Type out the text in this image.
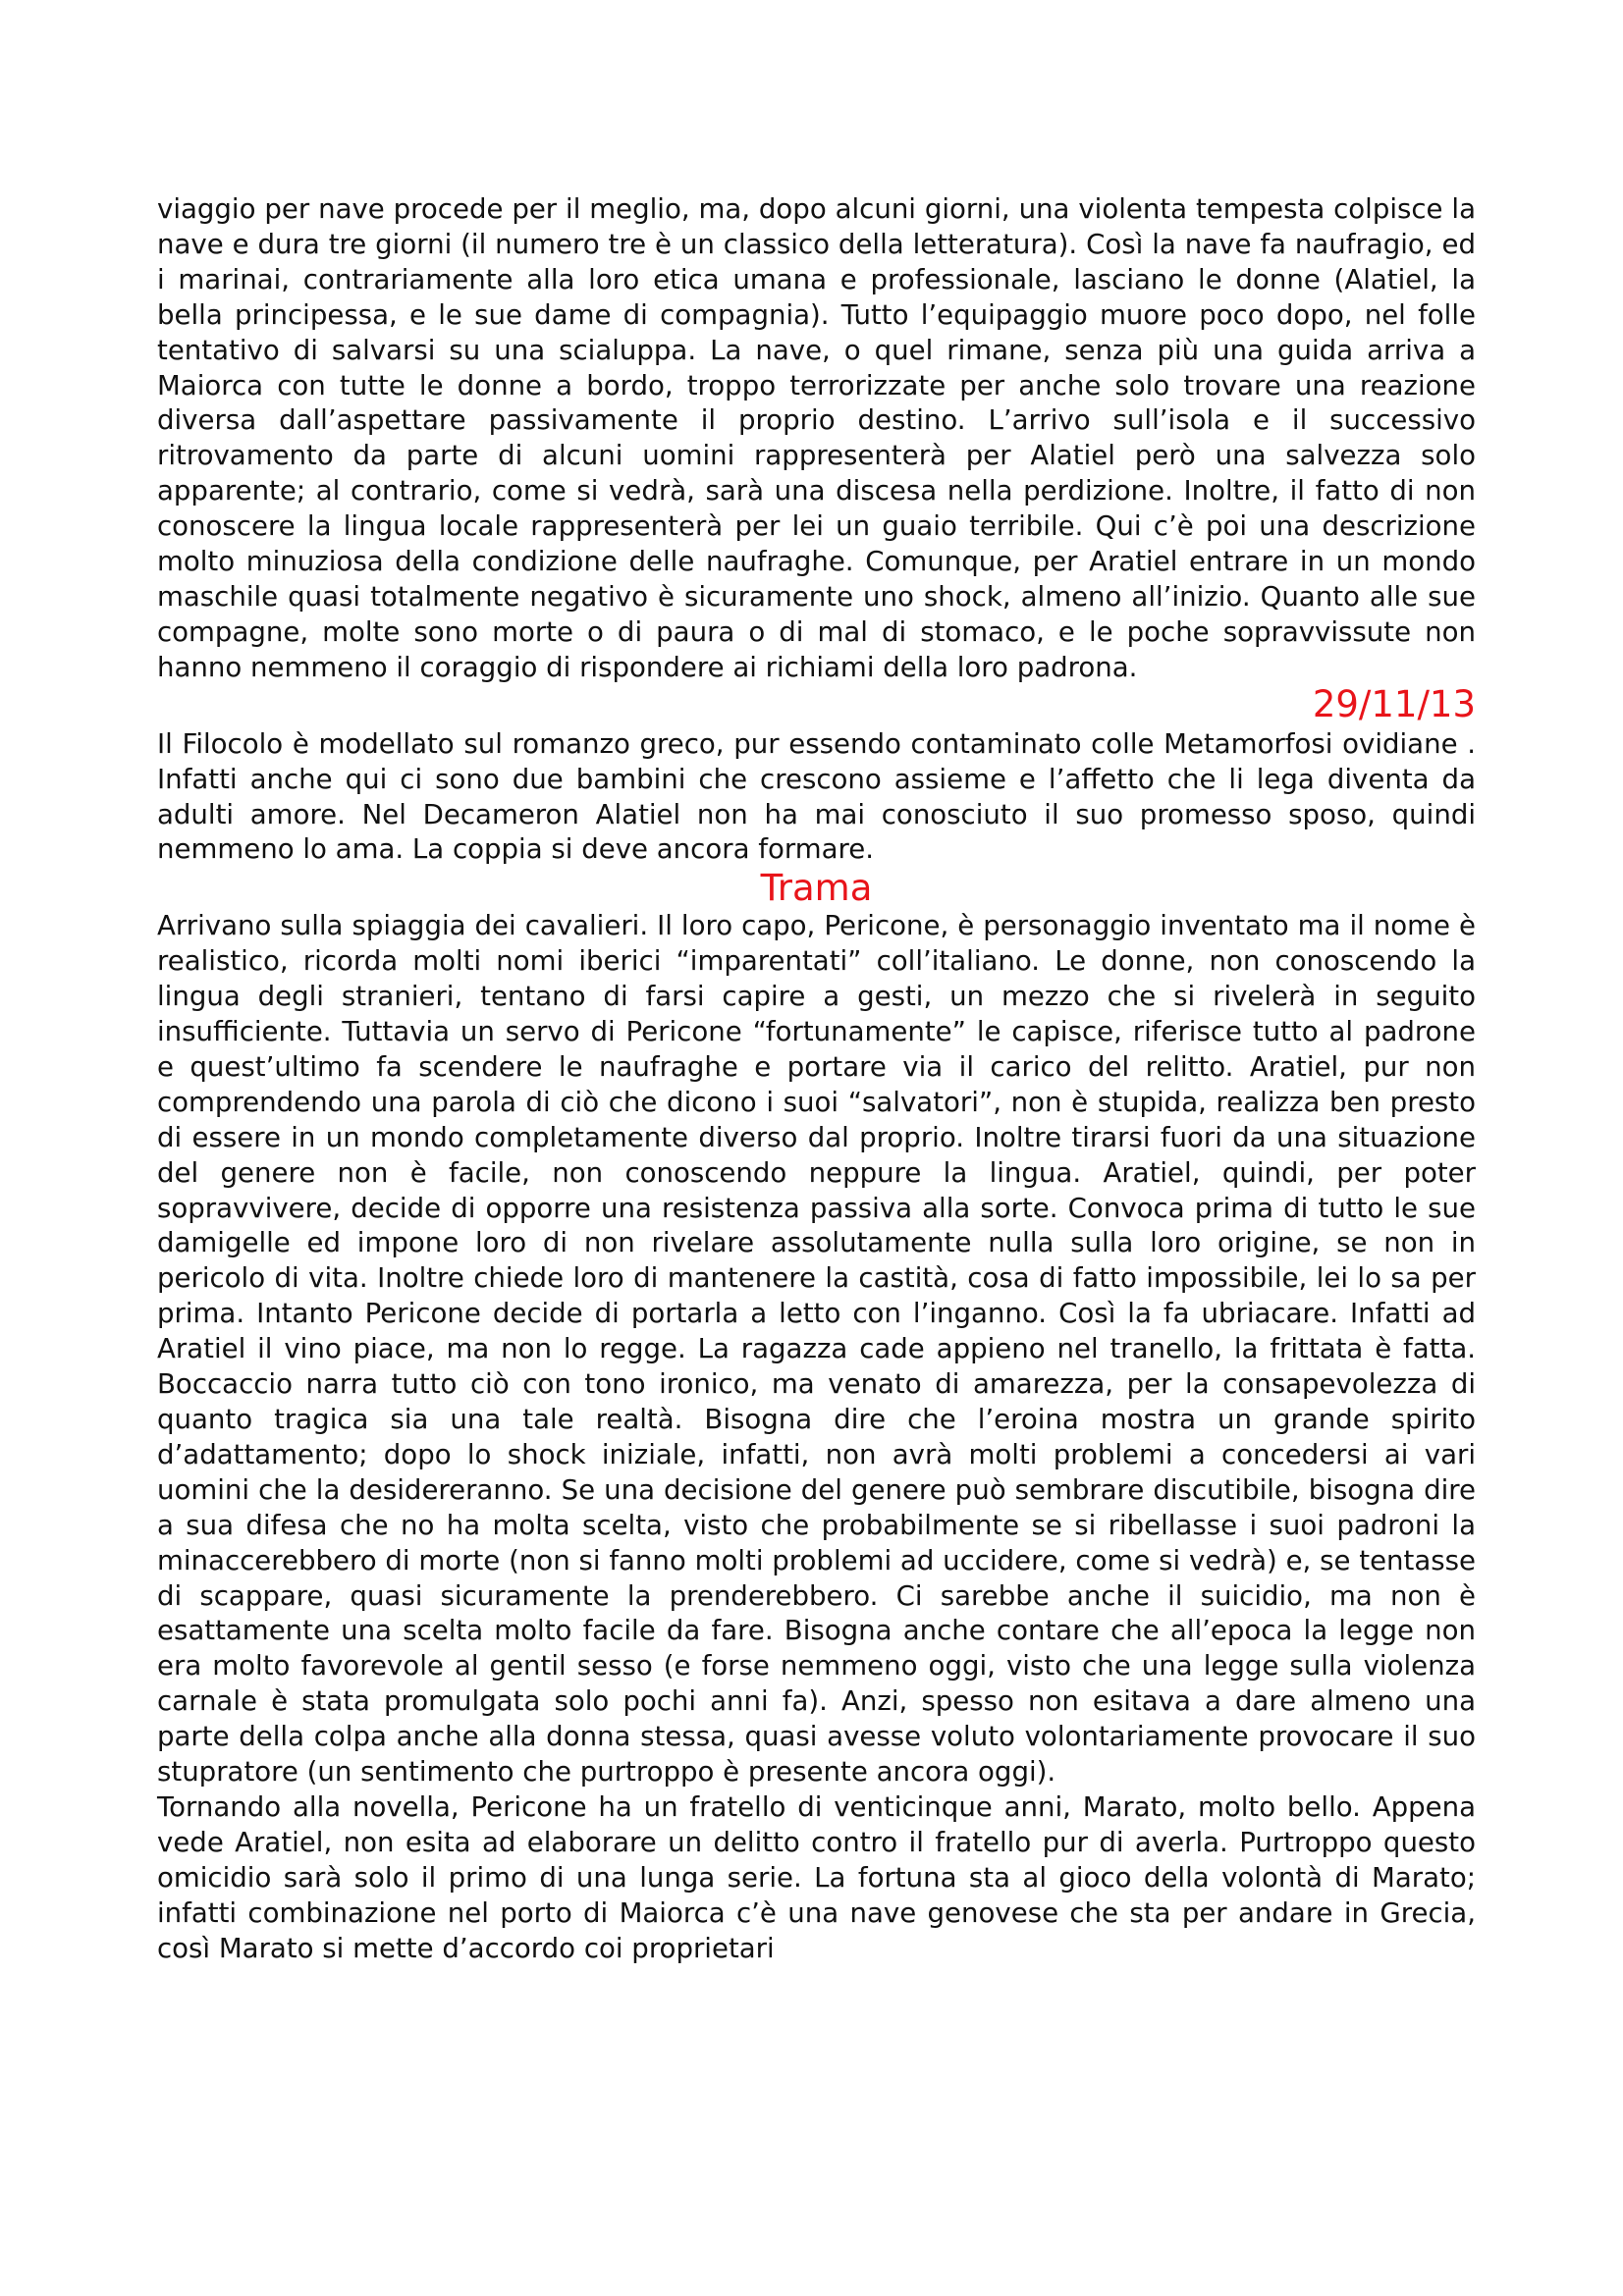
viaggio per nave procede per il meglio, ma, dopo alcuni giorni, una violenta tempesta colpisce la nave e dura tre giorni (il numero tre è un classico della letteratura). Così la nave fa naufragio, ed i marinai, contrariamente alla loro etica umana e professionale, lasciano le donne (Alatiel, la bella principessa, e le sue dame di compagnia). Tutto l’equipaggio muore poco dopo, nel folle tentativo di salvarsi su una scialuppa. La nave, o quel rimane, senza più una guida arriva a Maiorca con tutte le donne a bordo, troppo terrorizzate per anche solo trovare una reazione diversa dall’aspettare passivamente il proprio destino. L’arrivo sull’isola e il successivo ritrovamento da parte di alcuni uomini rappresenterà per Alatiel però una salvezza solo apparente; al contrario, come si vedrà, sarà una discesa nella perdizione. Inoltre, il fatto di non conoscere la lingua locale rappresenterà per lei un guaio terribile. Qui c’è poi una descrizione molto minuziosa della condizione delle naufraghe. Comunque, per Aratiel entrare in un mondo maschile quasi totalmente negativo è sicuramente uno shock, almeno all’inizio. Quanto alle sue compagne, molte sono morte o di paura o di mal di stomaco, e le poche sopravvissute non hanno nemmeno il coraggio di rispondere ai richiami della loro padrona.

29/11/13

Il Filocolo è modellato sul romanzo greco, pur essendo contaminato colle Metamorfosi ovidiane . Infatti anche qui ci sono due bambini che crescono assieme e l’affetto che li lega diventa da adulti amore. Nel Decameron Alatiel non ha mai conosciuto il suo promesso sposo, quindi nemmeno lo ama. La coppia si deve ancora formare.

Trama

Arrivano sulla spiaggia dei cavalieri. Il loro capo, Pericone, è personaggio inventato ma il nome è realistico, ricorda molti nomi iberici “imparentati” coll’italiano. Le donne, non conoscendo la lingua degli stranieri, tentano di farsi capire a gesti, un mezzo che si rivelerà in seguito insufficiente. Tuttavia un servo di Pericone “fortunamente” le capisce, riferisce tutto al padrone e quest’ultimo fa scendere le naufraghe e portare via il carico del relitto. Aratiel, pur non comprendendo una parola di ciò che dicono i suoi “salvatori”, non è stupida, realizza ben presto di essere in un mondo completamente diverso dal proprio. Inoltre tirarsi fuori da una situazione del genere non è facile, non conoscendo neppure la lingua. Aratiel, quindi, per poter sopravvivere, decide di opporre una resistenza passiva alla sorte. Convoca prima di tutto le sue damigelle ed impone loro di non rivelare assolutamente nulla sulla loro origine, se non in pericolo di vita. Inoltre chiede loro di mantenere la castità, cosa di fatto impossibile, lei lo sa per prima. Intanto Pericone decide di portarla a letto con l’inganno. Così la fa ubriacare. Infatti ad Aratiel il vino piace, ma non lo regge. La ragazza cade appieno nel tranello, la frittata è fatta. Boccaccio narra tutto ciò con tono ironico, ma venato di amarezza, per la consapevolezza di quanto tragica sia una tale realtà. Bisogna dire che l’eroina mostra un grande spirito d’adattamento; dopo lo shock iniziale, infatti, non avrà molti problemi a concedersi ai vari uomini che la desidereranno. Se una decisione del genere può sembrare discutibile, bisogna dire a sua difesa che no ha molta scelta, visto che probabilmente se si ribellasse i suoi padroni la minaccerebbero di morte (non si fanno molti problemi ad uccidere, come si vedrà) e, se tentasse di scappare, quasi sicuramente la prenderebbero. Ci sarebbe anche il suicidio, ma non è esattamente una scelta molto facile da fare. Bisogna anche contare che all’epoca la legge non era molto favorevole al gentil sesso (e forse nemmeno oggi, visto che una legge sulla violenza carnale è stata promulgata solo pochi anni fa). Anzi, spesso non esitava a dare almeno una parte della colpa anche alla donna stessa, quasi avesse voluto volontariamente provocare il suo stupratore (un sentimento che purtroppo è presente ancora oggi).

Tornando alla novella, Pericone ha un fratello di venticinque anni, Marato, molto bello. Appena vede Aratiel, non esita ad elaborare un delitto contro il fratello pur di averla. Purtroppo questo omicidio sarà solo il primo di una lunga serie. La fortuna sta al gioco della volontà di Marato; infatti combinazione nel porto di Maiorca c’è una nave genovese che sta per andare in Grecia, così Marato si mette d’accordo coi proprietari
